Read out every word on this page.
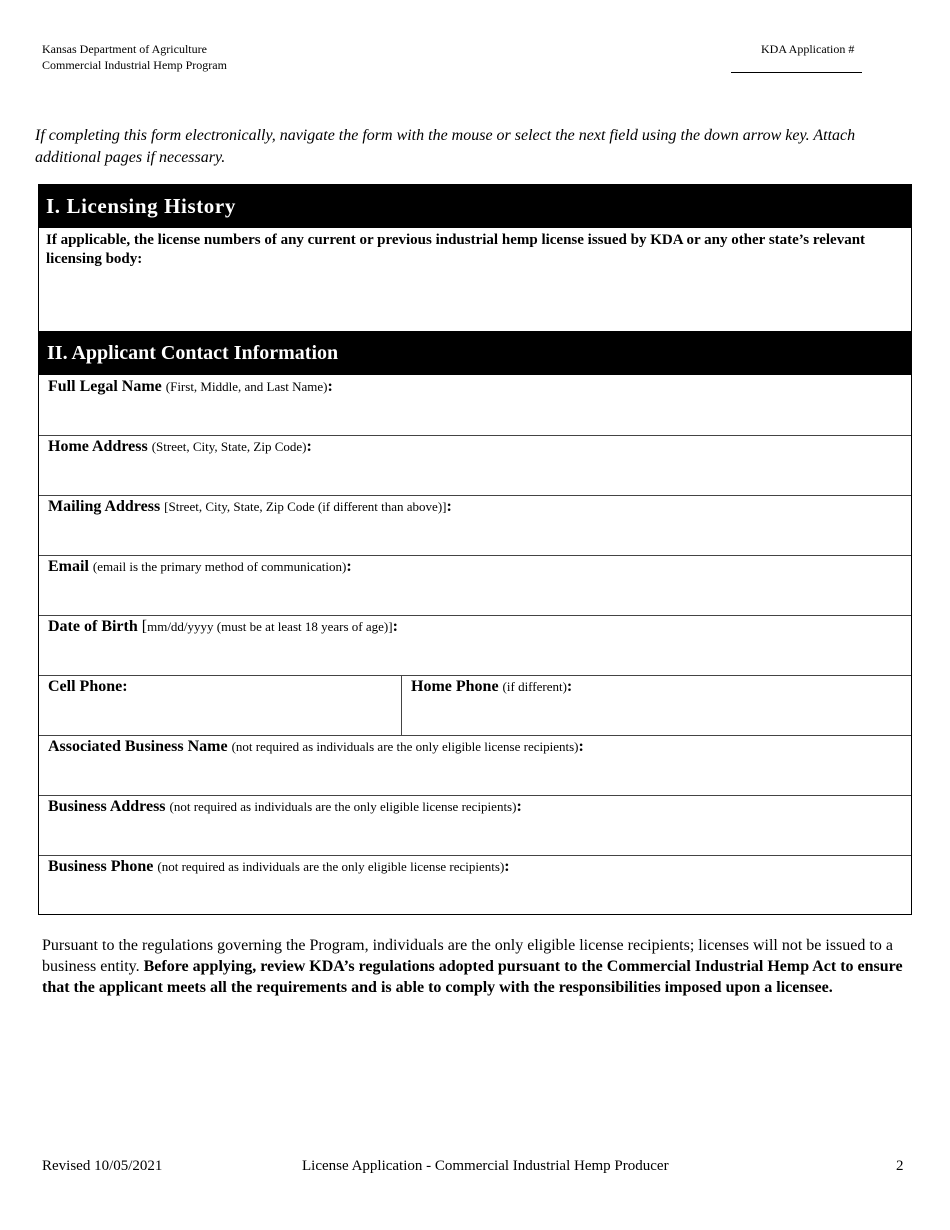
Kansas Department of Agriculture
Commercial Industrial Hemp Program
KDA Application #
If completing this form electronically, navigate the form with the mouse or select the next field using the down arrow key. Attach additional pages if necessary.
I. Licensing History
If applicable, the license numbers of any current or previous industrial hemp license issued by KDA or any other state’s relevant licensing body:
II. Applicant Contact Information
Full Legal Name (First, Middle, and Last Name):
Home Address (Street, City, State, Zip Code):
Mailing Address [Street, City, State, Zip Code (if different than above)]:
Email (email is the primary method of communication):
Date of Birth [mm/dd/yyyy (must be at least 18 years of age)]:
Cell Phone:	Home Phone (if different):
Associated Business Name (not required as individuals are the only eligible license recipients):
Business Address (not required as individuals are the only eligible license recipients):
Business Phone (not required as individuals are the only eligible license recipients):
Pursuant to the regulations governing the Program, individuals are the only eligible license recipients; licenses will not be issued to a business entity. Before applying, review KDA’s regulations adopted pursuant to the Commercial Industrial Hemp Act to ensure that the applicant meets all the requirements and is able to comply with the responsibilities imposed upon a licensee.
Revised 10/05/2021	License Application - Commercial Industrial Hemp Producer	2
